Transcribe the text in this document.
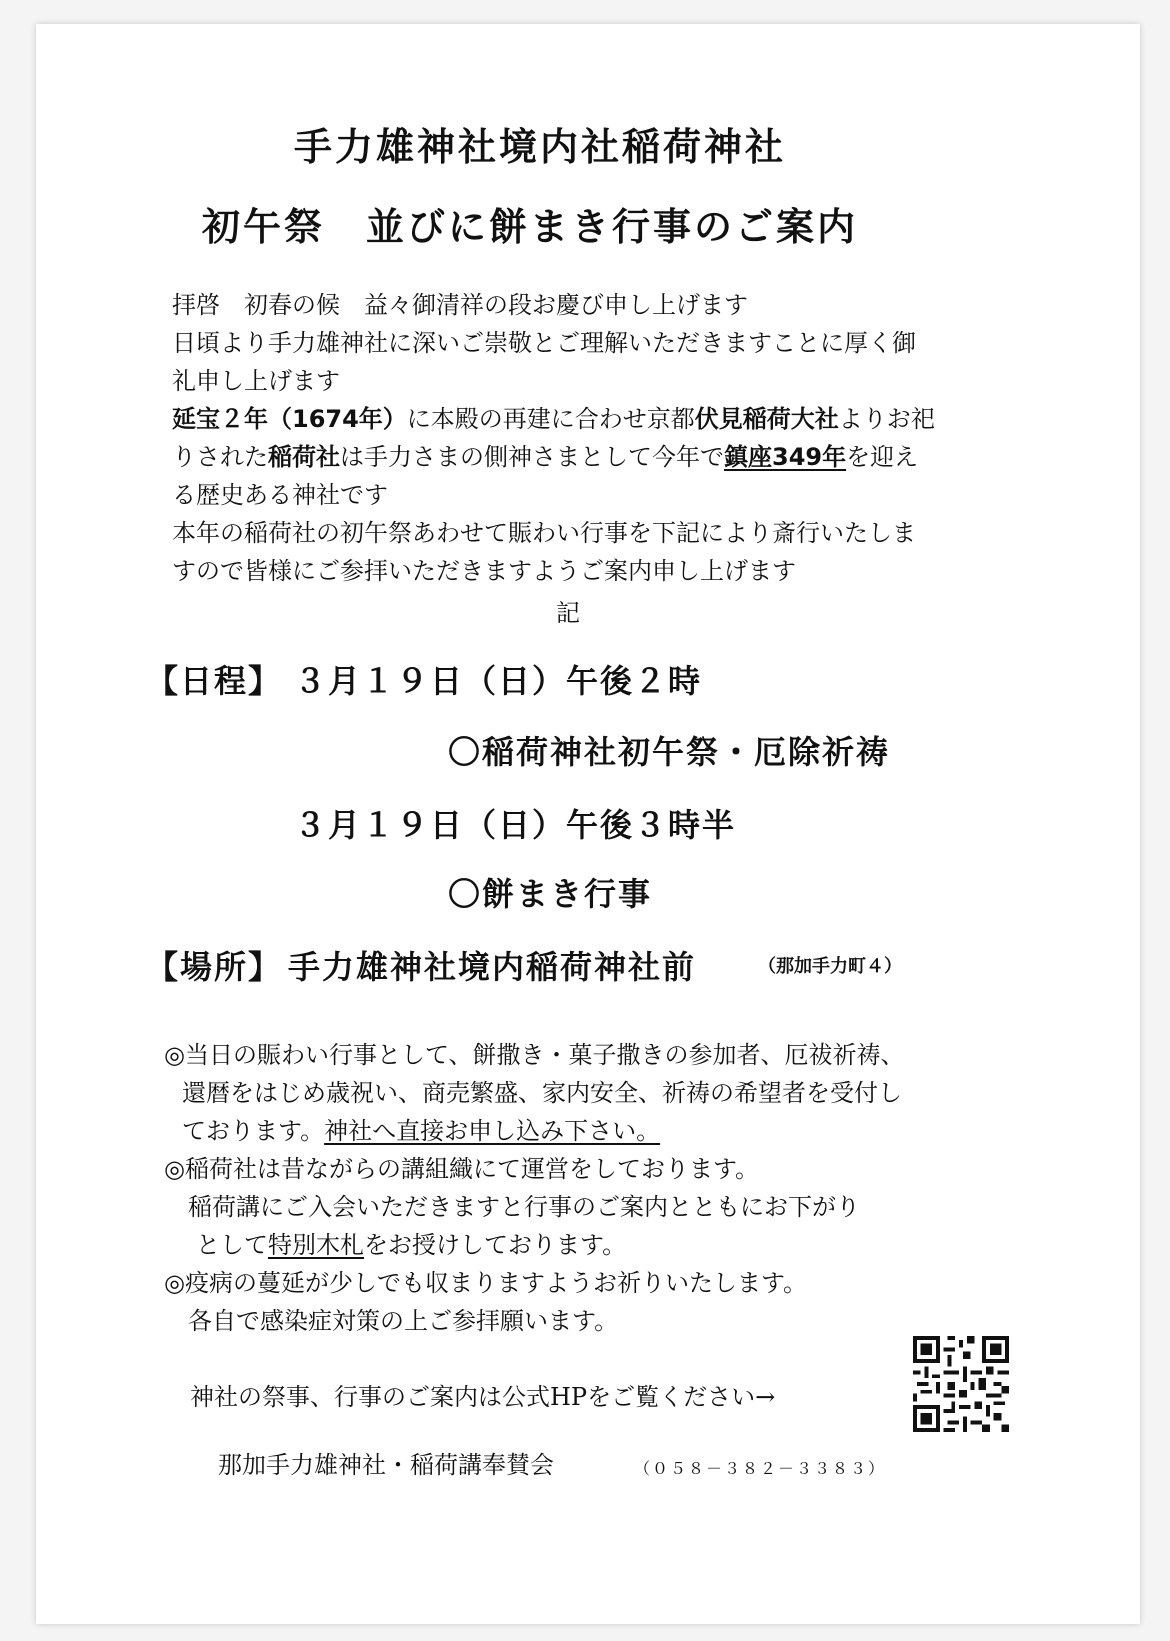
手力雄神社境内社稲荷神社
初午祭　並びに餅まき行事のご案内
拝啓　初春の候　益々御清祥の段お慶び申し上げます
日頃より手力雄神社に深いご崇敬とご理解いただきますことに厚く御
礼申し上げます
延宝２年（1674年）に本殿の再建に合わせ京都伏見稲荷大社よりお祀
りされた稲荷社は手力さまの側神さまとして今年で鎮座349年を迎え
る歴史ある神社です
本年の稲荷社の初午祭あわせて賑わい行事を下記により斎行いたしま
すので皆様にご参拝いただきますようご案内申し上げます
記
【日程】 ３月１９日（日）午後２時
〇稲荷神社初午祭・厄除祈祷
３月１９日（日）午後３時半
〇餅まき行事
【場所】 手力雄神社境内稲荷神社前	（那加手力町４）
◎当日の賑わい行事として、餅撒き・菓子撒きの参加者、厄祓祈祷、
還暦をはじめ歳祝い、商売繁盛、家内安全、祈祷の希望者を受付し
ております。神社へ直接お申し込み下さい。
◎稲荷社は昔ながらの講組織にて運営をしております。
稲荷講にご入会いただきますと行事のご案内とともにお下がり
として特別木札をお授けしております。
◎疫病の蔓延が少しでも収まりますようお祈りいたします。
各自で感染症対策の上ご参拝願います。
神社の祭事、行事のご案内は公式HPをご覧ください→
那加手力雄神社・稲荷講奉賛会	（０５８－３８２－３３８３）
